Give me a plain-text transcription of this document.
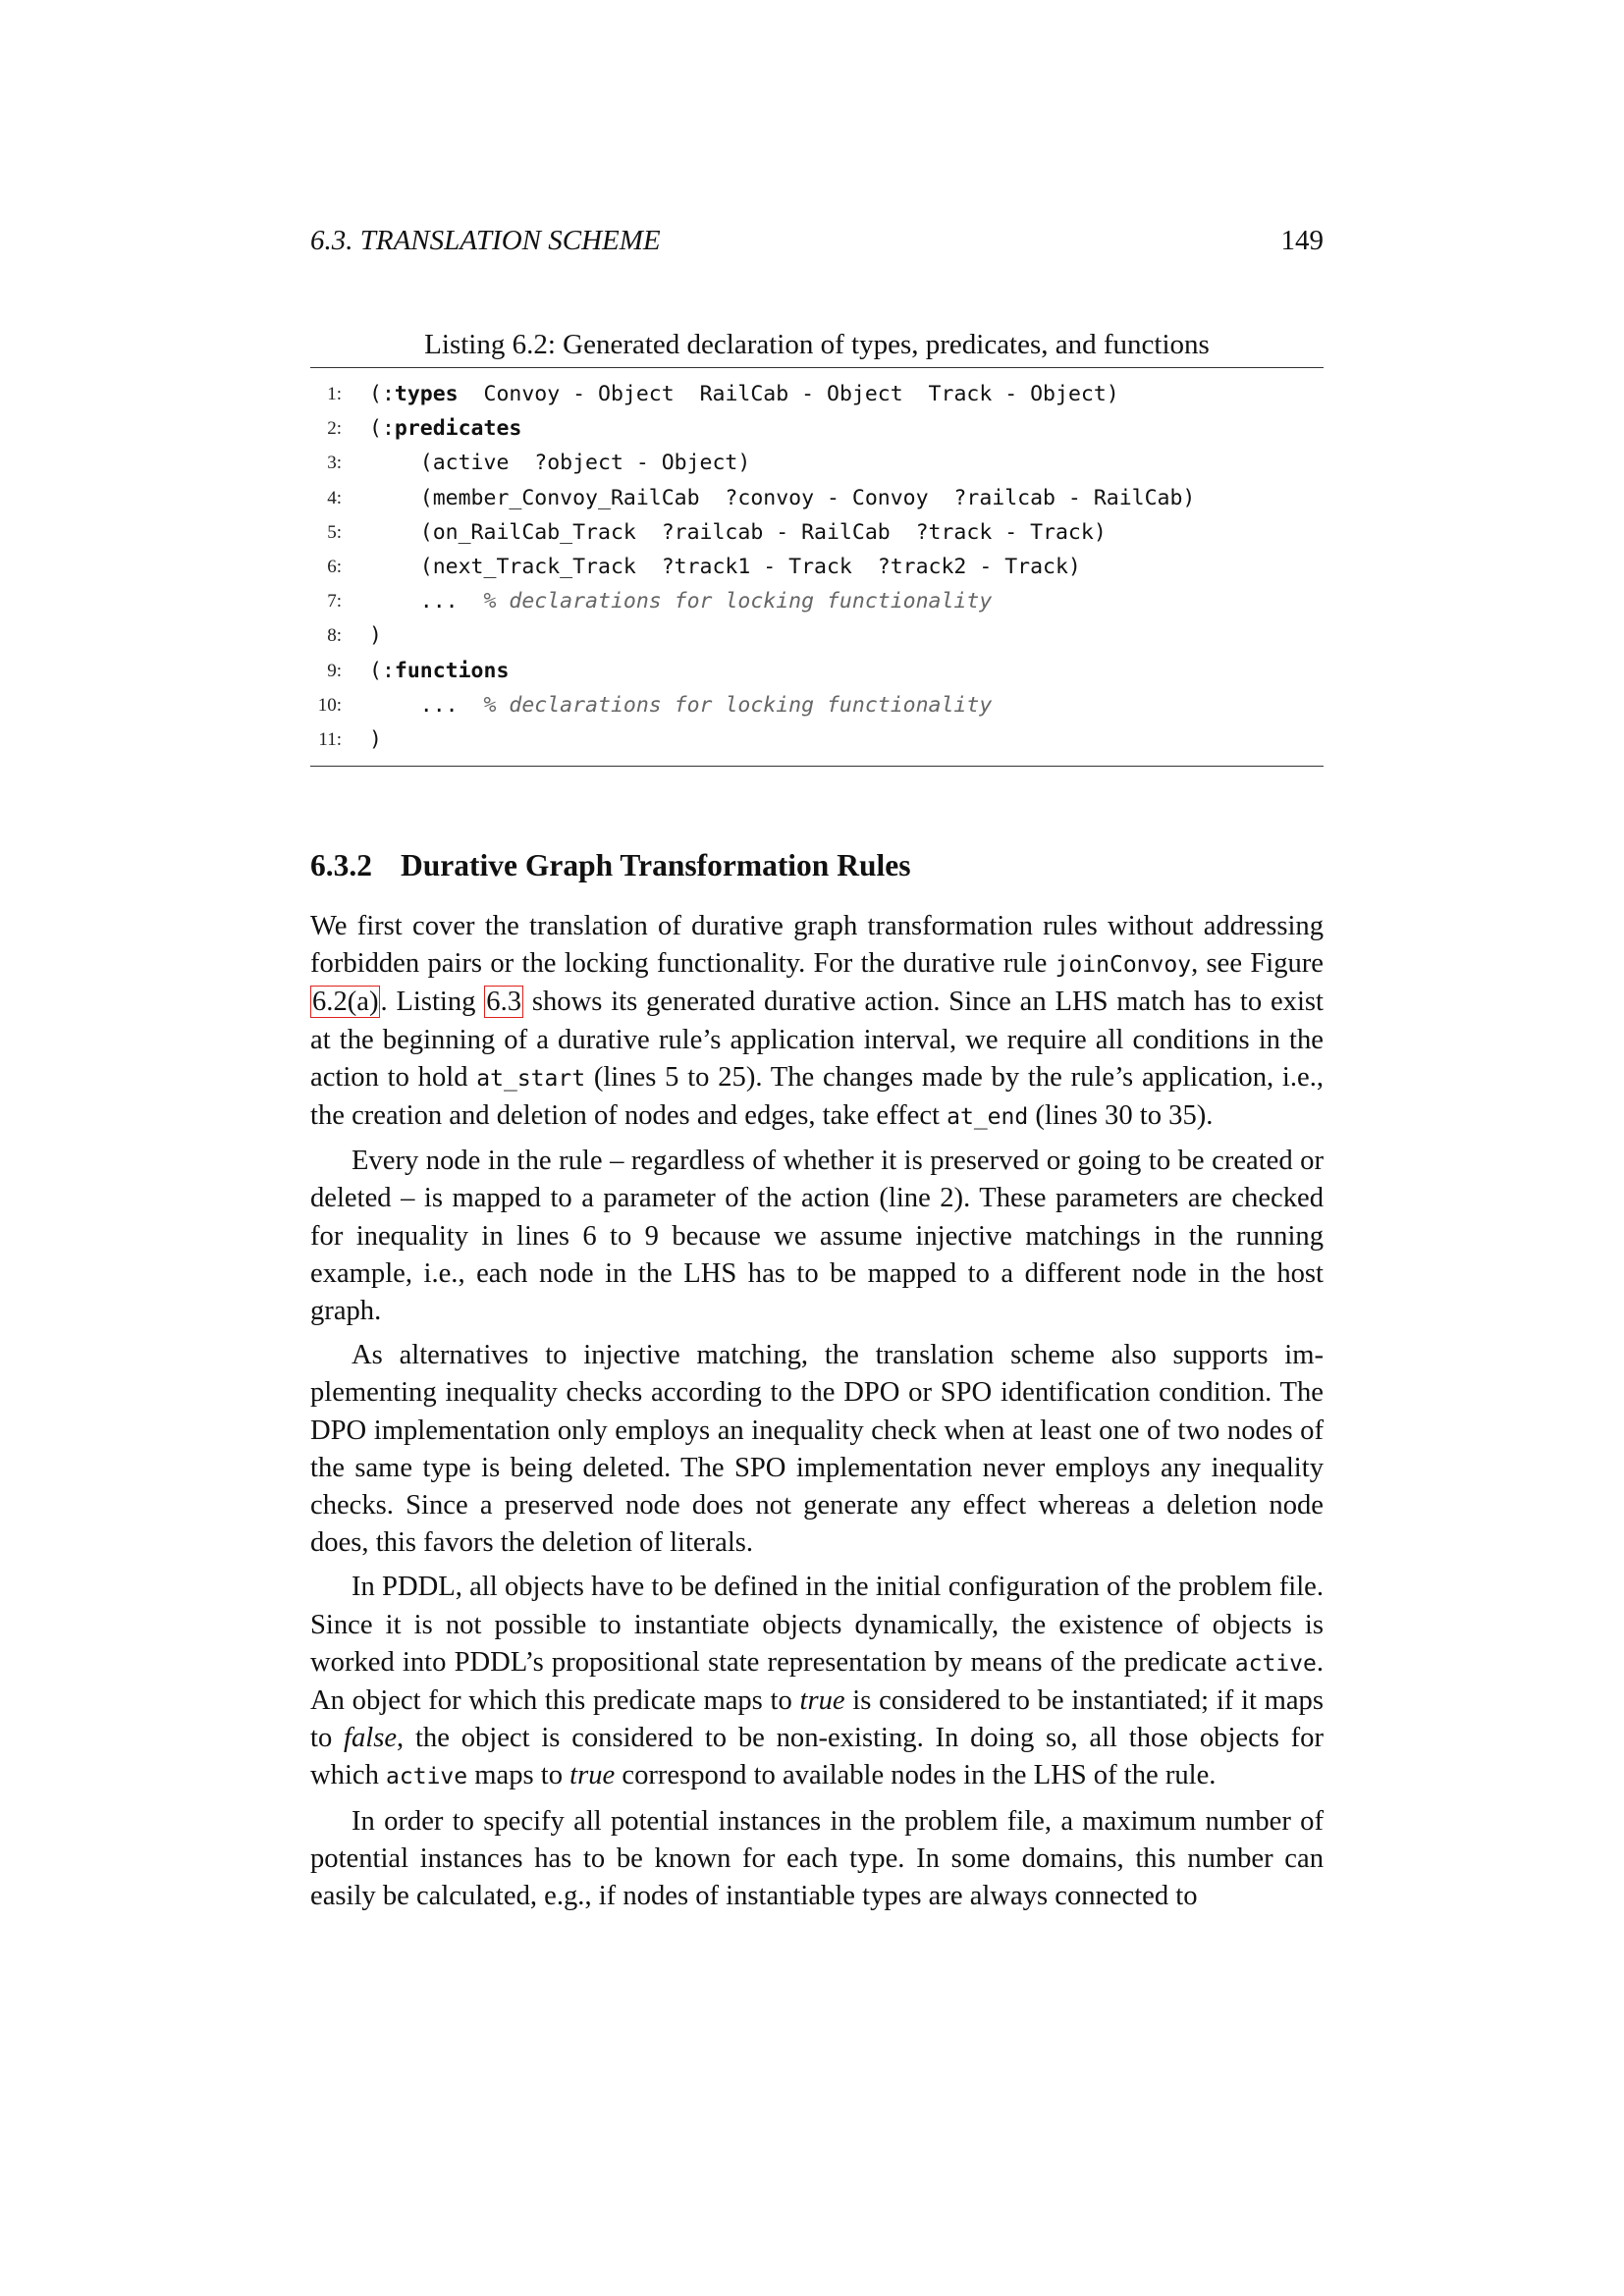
6.3. TRANSLATION SCHEME	149
Listing 6.2: Generated declaration of types, predicates, and functions
1: (:types  Convoy - Object  RailCab - Object  Track - Object)
2: (:predicates
3: (active  ?object - Object)
4: (member_Convoy_RailCab  ?convoy - Convoy  ?railcab - RailCab)
5: (on_RailCab_Track  ?railcab - RailCab  ?track - Track)
6: (next_Track_Track  ?track1 - Track  ?track2 - Track)
7: ...  % declarations for locking functionality
8: )
9: (:functions
10: ...  % declarations for locking functionality
11: )
6.3.2 Durative Graph Transformation Rules

We first cover the translation of durative graph transformation rules without addressing forbidden pairs or the locking functionality. For the durative rule joinConvoy, see Figure 6.2(a). Listing 6.3 shows its generated durative action. Since an LHS match has to exist at the beginning of a durative rule’s application interval, we require all conditions in the action to hold at_start (lines 5 to 25). The changes made by the rule’s application, i.e., the creation and deletion of nodes and edges, take effect at_end (lines 30 to 35).

Every node in the rule – regardless of whether it is preserved or going to be created or deleted – is mapped to a parameter of the action (line 2). These parameters are checked for inequality in lines 6 to 9 because we assume injective matchings in the running example, i.e., each node in the LHS has to be mapped to a different node in the host graph.

As alternatives to injective matching, the translation scheme also supports implementing inequality checks according to the DPO or SPO identification condition. The DPO implementation only employs an inequality check when at least one of two nodes of the same type is being deleted. The SPO implementation never employs any inequality checks. Since a preserved node does not generate any effect whereas a deletion node does, this favors the deletion of literals.

In PDDL, all objects have to be defined in the initial configuration of the problem file. Since it is not possible to instantiate objects dynamically, the existence of objects is worked into PDDL’s propositional state representation by means of the predicate active. An object for which this predicate maps to true is considered to be instantiated; if it maps to false, the object is considered to be non-existing. In doing so, all those objects for which active maps to true correspond to available nodes in the LHS of the rule.

In order to specify all potential instances in the problem file, a maximum number of potential instances has to be known for each type. In some domains, this number can easily be calculated, e.g., if nodes of instantiable types are always connected to
